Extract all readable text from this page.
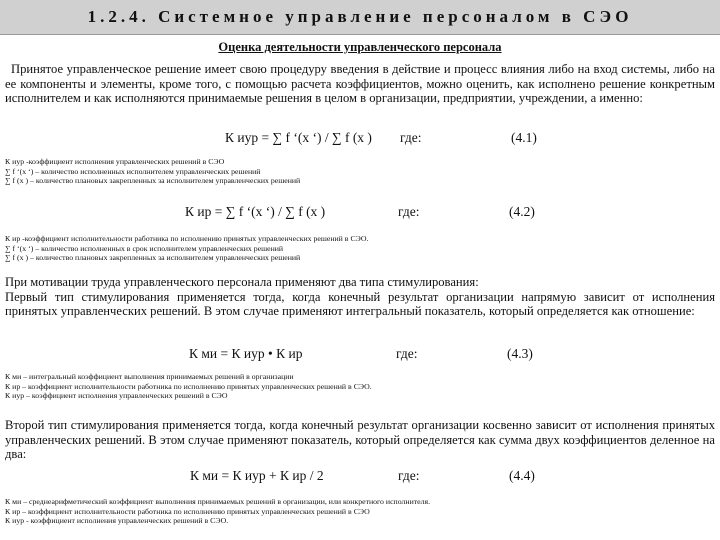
1.2.4. Системное управление персоналом в СЭО
Оценка деятельности управленческого персонала

Принятое управленческое решение имеет свою процедуру введения в действие и процесс влияния либо на вход системы, либо на ее компоненты и элементы, кроме того, с помощью расчета коэффициентов, можно оценить, как исполнено решение конкретным исполнителем и как исполняются принимаемые решения в целом в организации, предприятии, учреждении, а именно:

К иур = ∑ f ‘(x ‘) / ∑ f (x ) где:	(4.1)
К иур -коэффициент исполнения управленческих решений в СЭО
∑ f ‘(x ‘) – количество исполненных исполнителем управленческих решений
∑ f (x ) – количество плановых закрепленных за исполнителем управленческих решений
К ир = ∑ f ‘(x ‘) / ∑ f (x )	где:	(4.2)
К ир -коэффициент исполнительности работника по исполнению принятых управленческих решений в СЭО.
∑ f ‘(x ‘) – количество исполненных в срок исполнителем управленческих решений
∑ f (x ) – количество плановых закрепленных за исполнителем управленческих решений

При мотивации труда управленческого персонала применяют два типа стимулирования:
Первый тип стимулирования применяется тогда, когда конечный результат организации напрямую зависит от исполнения принятых управленческих решений. В этом случае применяют интегральный показатель, который определяется как отношение:

К ми = К иур • К ир	где:	(4.3)
К ми – интегральный коэффициент выполнения принимаемых решений в организации
К ир – коэффициент исполнительности работника по исполнению принятых управленческих решений в СЭО.
К иур – коэффициент исполнения управленческих решений в СЭО

Второй тип стимулирования применяется тогда, когда конечный результат организации косвенно зависит от исполнения принятых управленческих решений. В этом случае применяют показатель, который определяется как сумма двух коэффициентов деленное на два:

К ми = К иур + К ир / 2	где:	(4.4)
К ми – среднеарифметический коэффициент выполнения принимаемых решений в организации, или конкретного исполнителя.
К ир – коэффициент исполнительности работника по исполнению принятых управленческих решений в СЭО
К иур - коэффициент исполнения управленческих решений в СЭО.
